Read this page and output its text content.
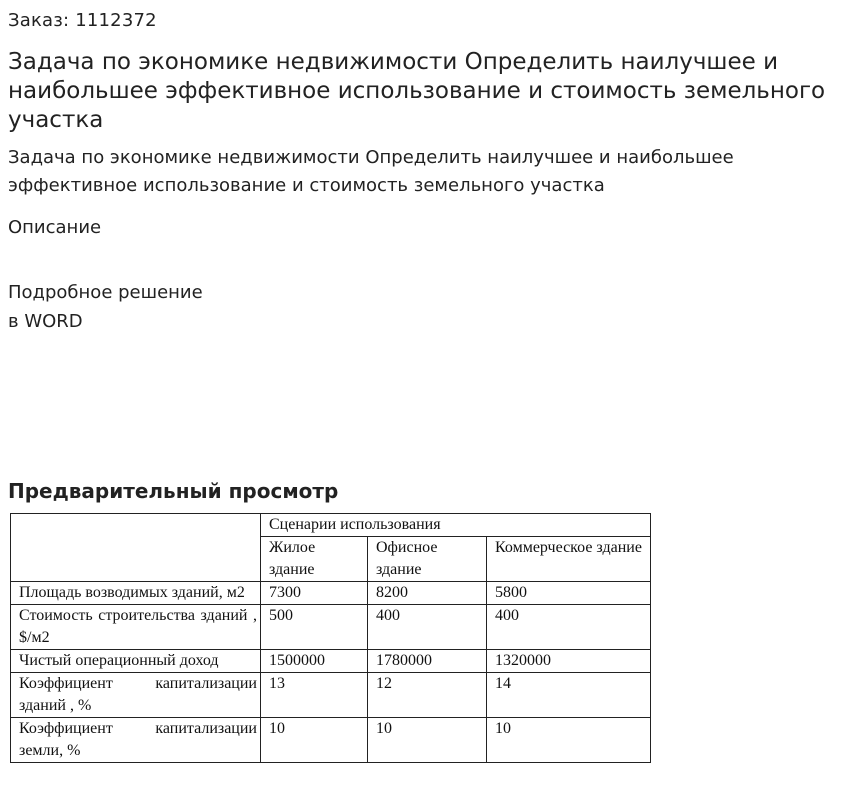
Заказ: 1112372
Задача по экономике недвижимости Определить наилучшее и наибольшее эффективное использование и стоимость земельного участка
Задача по экономике недвижимости Определить наилучшее и наибольшее эффективное использование и стоимость земельного участка
Описание
Подробное решение
в WORD
Предварительный просмотр
	Сценарии использования		
	Жилое здание	Офисное здание	Коммерческое здание
Площадь возводимых зданий, м2	7300	8200	5800
Стоимость строительства зданий , $/м2	500	400	400
Чистый операционный доход	1500000	1780000	1320000
Коэффициент капитализации зданий , %	13	12	14
Коэффициент капитализации земли, %	10	10	10
